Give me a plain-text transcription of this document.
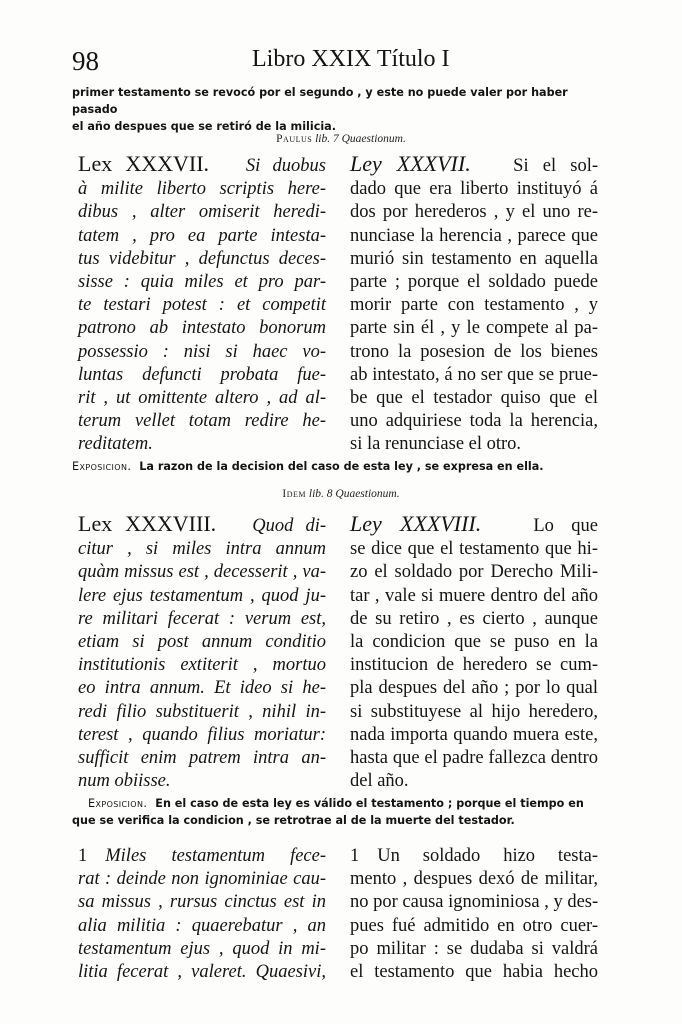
98	Libro XXIX Título I
primer testamento se revocó por el segundo , y este no puede valer por haber pasado
el año despues que se retiró de la milicia.
Paulus lib. 7 Quaestionum.
Lex XXXVII. Si duobus
à milite liberto scriptis here-
dibus , alter omiserit heredi-
tatem , pro ea parte intesta-
tus videbitur , defunctus deces-
sisse : quia miles et pro par-
te testari potest : et competit
patrono ab intestato bonorum
possessio : nisi si haec vo-
luntas defuncti probata fue-
rit , ut omittente altero , ad al-
terum vellet totam redire he-
reditatem.
Ley XXXVII. Si el sol-
dado que era liberto instituyó á
dos por herederos , y el uno re-
nunciase la herencia , parece que
murió sin testamento en aquella
parte ; porque el soldado puede
morir parte con testamento , y
parte sin él , y le compete al pa-
trono la posesion de los bienes
ab intestato, á no ser que se prue-
be que el testador quiso que el
uno adquiriese toda la herencia,
si la renunciase el otro.
Exposicion. La razon de la decision del caso de esta ley , se expresa en ella.
Idem lib. 8 Quaestionum.
Lex XXXVIII. Quod di-
citur , si miles intra annum
quàm missus est , decesserit , va-
lere ejus testamentum , quod ju-
re militari fecerat : verum est,
etiam si post annum conditio
institutionis extiterit , mortuo
eo intra annum. Et ideo si he-
redi filio substituerit , nihil in-
terest , quando filius moriatur:
sufficit enim patrem intra an-
num obiisse.
Ley XXXVIII.	Lo que
se dice que el testamento que hi-
zo el soldado por Derecho Mili-
tar , vale si muere dentro del año
de su retiro , es cierto , aunque
la condicion que se puso en la
institucion de heredero se cum-
pla despues del año ; por lo qual
si substituyese al hijo heredero,
nada importa quando muera este,
hasta que el padre fallezca dentro
del año.
Exposicion. En el caso de esta ley es válido el testamento ; porque el tiempo en
que se verifica la condicion , se retrotrae al de la muerte del testador.
1 Miles testamentum fece-
rat : deinde non ignominiae cau-
sa missus , rursus cinctus est in
alia militia : quaerebatur , an
testamentum ejus , quod in mi-
litia fecerat , valeret. Quaesivi,
1 Un soldado hizo testa-
mento , despues dexó de militar,
no por causa ignominiosa , y des-
pues fué admitido en otro cuer-
po militar : se dudaba si valdrá
el testamento que habia hecho
